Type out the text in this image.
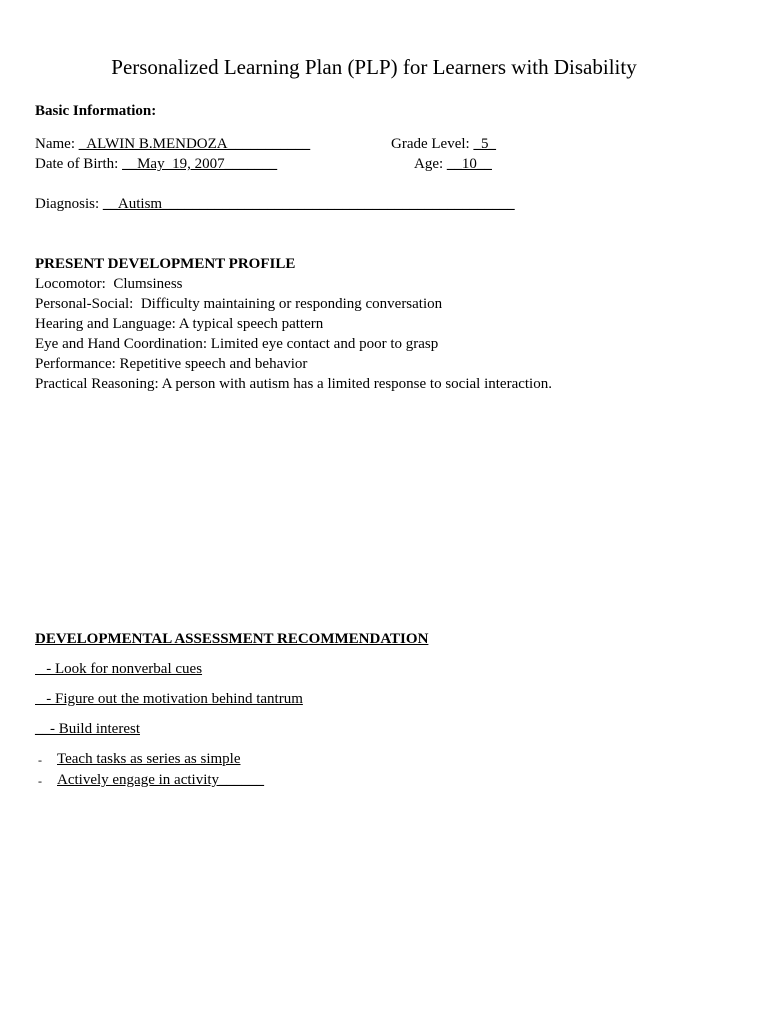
Personalized Learning Plan (PLP) for Learners with Disability
Basic Information:
Name: _ALWIN B.MENDOZA___________	Grade Level: _5_
Date of Birth: __May  19, 2007_______	Age: __10__
Diagnosis: __Autism_______________________________________________
PRESENT DEVELOPMENT PROFILE
Locomotor:  Clumsiness
Personal-Social:  Difficulty maintaining or responding conversation
Hearing and Language: A typical speech pattern
Eye and Hand Coordination: Limited eye contact and poor to grasp
Performance: Repetitive speech and behavior
Practical Reasoning: A person with autism has a limited response to social interaction.
DEVELOPMENTAL ASSESSMENT RECOMMENDATION
- Look for nonverbal cues
- Figure out the motivation behind tantrum
__- Build interest
- Teach tasks as series as simple
- Actively engage in activity______
